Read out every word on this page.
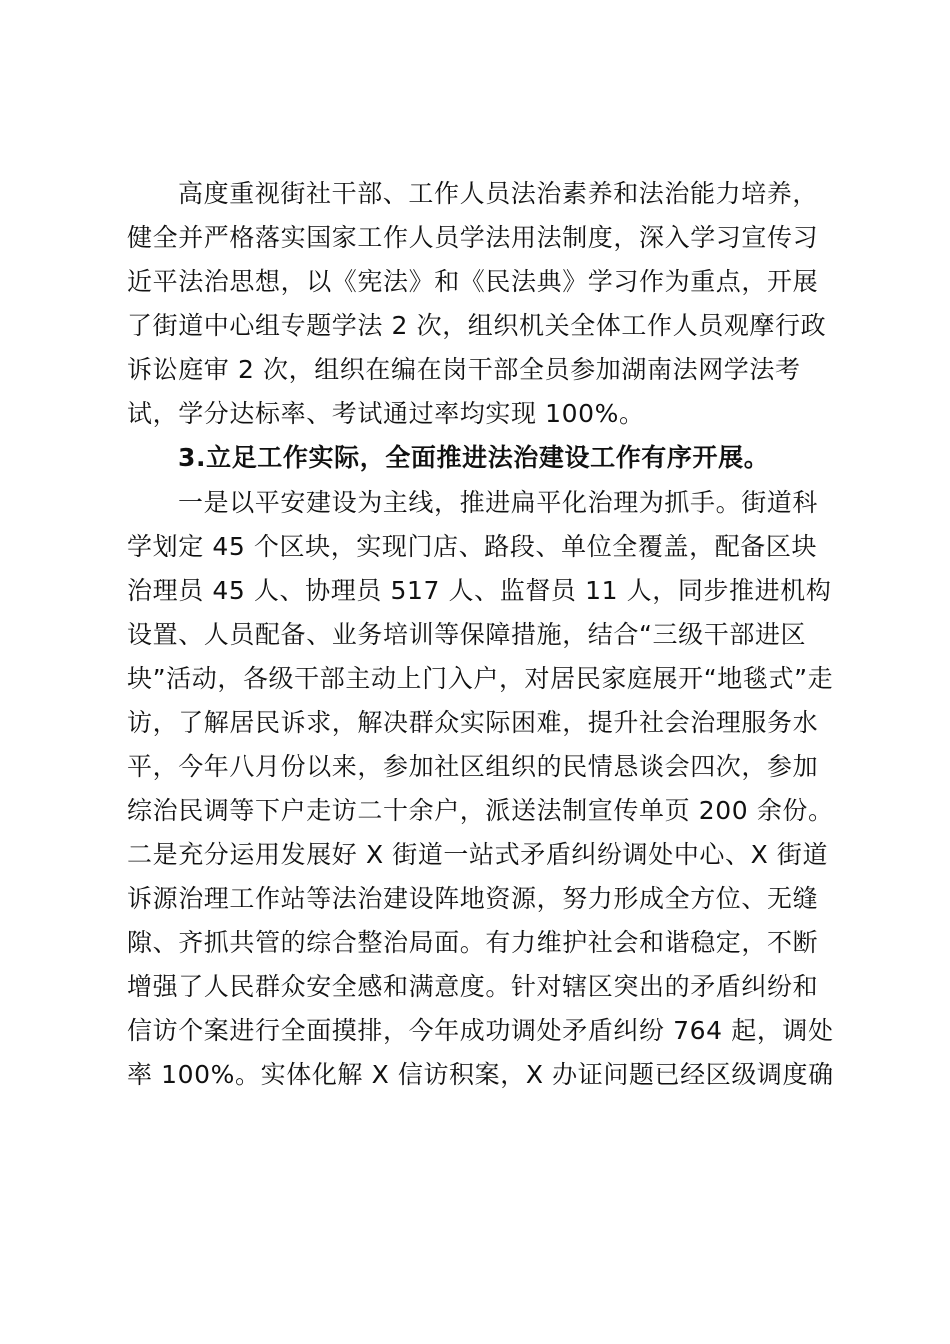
高度重视街社干部、工作人员法治素养和法治能力培养，
健全并严格落实国家工作人员学法用法制度，深入学习宣传习
近平法治思想，以《宪法》和《民法典》学习作为重点，开展
了街道中心组专题学法 2 次，组织机关全体工作人员观摩行政
诉讼庭审 2 次，组织在编在岗干部全员参加湖南法网学法考
试，学分达标率、考试通过率均实现 100%。
3.立足工作实际，全面推进法治建设工作有序开展。
一是以平安建设为主线，推进扁平化治理为抓手。街道科
学划定 45 个区块，实现门店、路段、单位全覆盖，配备区块
治理员 45 人、协理员 517 人、监督员 11 人，同步推进机构
设置、人员配备、业务培训等保障措施，结合“三级干部进区
块”活动，各级干部主动上门入户，对居民家庭展开“地毯式”走
访，了解居民诉求，解决群众实际困难，提升社会治理服务水
平，今年八月份以来，参加社区组织的民情恳谈会四次，参加
综治民调等下户走访二十余户，派送法制宣传单页 200 余份。
二是充分运用发展好 X 街道一站式矛盾纠纷调处中心、X 街道
诉源治理工作站等法治建设阵地资源，努力形成全方位、无缝
隙、齐抓共管的综合整治局面。有力维护社会和谐稳定，不断
增强了人民群众安全感和满意度。针对辖区突出的矛盾纠纷和
信访个案进行全面摸排，今年成功调处矛盾纠纷 764 起，调处
率 100%。实体化解 X 信访积案，X 办证问题已经区级调度确
